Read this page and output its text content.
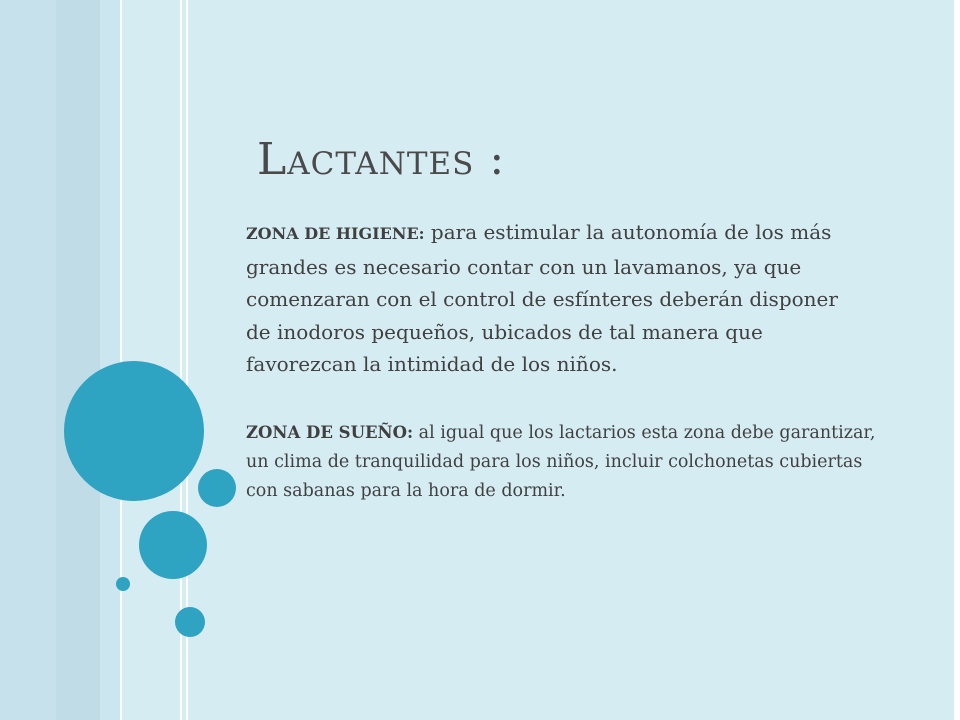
Lactantes :

ZONA DE HIGIENE: para estimular la autonomía de los más grandes es necesario contar con un lavamanos, ya que comenzaran con el control de esfínteres deberán disponer de inodoros pequeños, ubicados de tal manera que favorezcan la intimidad de los niños.

ZONA DE SUEÑO: al igual que los lactarios esta zona debe garantizar, un clima de tranquilidad para los niños, incluir colchonetas cubiertas con sabanas para la hora de dormir.
